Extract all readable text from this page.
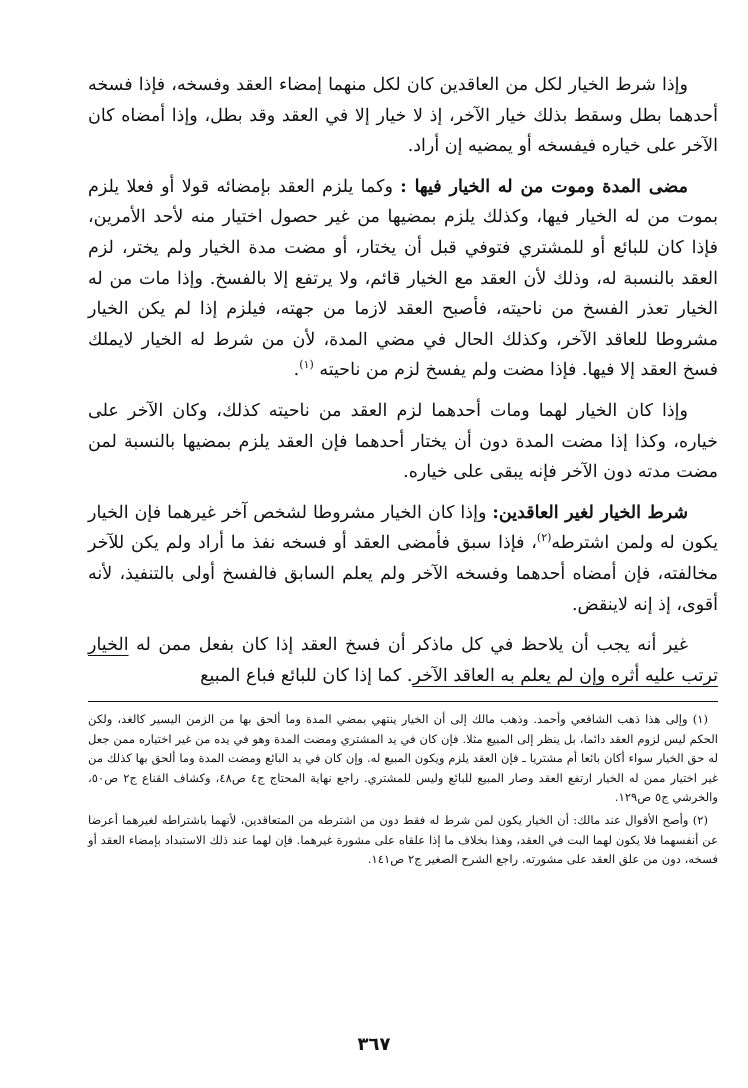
وإذا شرط الخيار لكل من العاقدين كان لكل منهما إمضاء العقد وفسخه، فإذا فسخه أحدهما بطل وسقط بذلك خيار الآخر، إذ لا خيار إلا في العقد وقد بطل، وإذا أمضاه كان الآخر على خياره فيفسخه أو يمضيه إن أراد.

مضى المدة وموت من له الخيار فيها : وكما يلزم العقد بإمضائه قولا أو فعلا يلزم بموت من له الخيار فيها، وكذلك يلزم بمضيها من غير حصول اختيار منه لأحد الأمرين، فإذا كان للبائع أو للمشتري فتوفي قبل أن يختار، أو مضت مدة الخيار ولم يختر، لزم العقد بالنسبة له، وذلك لأن العقد مع الخيار قائم، ولا يرتفع إلا بالفسخ. وإذا مات من له الخيار تعذر الفسخ من ناحيته، فأصبح العقد لازما من جهته، فيلزم إذا لم يكن الخيار مشروطا للعاقد الآخر، وكذلك الحال في مضي المدة، لأن من شرط له الخيار لايملك فسخ العقد إلا فيها. فإذا مضت ولم يفسخ لزم من ناحيته $^{(١)}$.

وإذا كان الخيار لهما ومات أحدهما لزم العقد من ناحيته كذلك، وكان الآخر على خياره، وكذا إذا مضت المدة دون أن يختار أحدهما فإن العقد يلزم بمضيها بالنسبة لمن مضت مدته دون الآخر فإنه يبقى على خياره.

شرط الخيار لغير العاقدين: وإذا كان الخيار مشروطا لشخص آخر غيرهما فإن الخيار يكون له ولمن اشترطه$^{(٢)}$، فإذا سبق فأمضى العقد أو فسخه نفذ ما أراد ولم يكن للآخر مخالفته، فإن أمضاه أحدهما وفسخه الآخر ولم يعلم السابق فالفسخ أولى بالتنفيذ، لأنه أقوى، إذ إنه لاينقض.

غير أنه يجب أن يلاحظ في كل ماذكر أن فسخ العقد إذا كان بفعل ممن له الخيار ترتب عليه أثره وإن لم يعلم به العاقد الآخر. كما إذا كان للبائع فباع المبيع

(١) وإلى هذا ذهب الشافعي وأحمد. وذهب مالك إلى أن الخيار ينتهي بمضي المدة وما ألحق بها من الزمن اليسير كالغد، ولكن الحكم ليس لزوم العقد دائما، بل ينظر إلى المبيع مثلا. فإن كان في يد المشتري ومضت المدة وهو في يده من غير اختياره ممن جعل له حق الخيار سواء أكان بائعا أم مشتريا ـ فإن العقد يلزم ويكون المبيع له. وإن كان في يد البائع ومضت المدة وما ألحق بها كذلك من غير اختيار ممن له الخيار ارتفع العقد وصار المبيع للبائع وليس للمشتري. راجع نهاية المحتاج ج٤ ص٤٨، وكشاف القناع ج٢ ص٥٠، والخرشي ج٥ ص١٢٩.

(٢) وأصح الأقوال عند مالك: أن الخيار يكون لمن شرط له فقط دون من اشترطه من المتعاقدين، لأنهما باشتراطه لغيرهما أعرضا عن أنفسهما فلا يكون لهما البت في العقد، وهذا بخلاف ما إذا علقاه على مشورة غيرهما. فإن لهما عند ذلك الاستبداد بإمضاء العقد أو فسخه، دون من علق العقد على مشورته. راجع الشرح الصغير ج٢ ص١٤١.

٣٦٧
